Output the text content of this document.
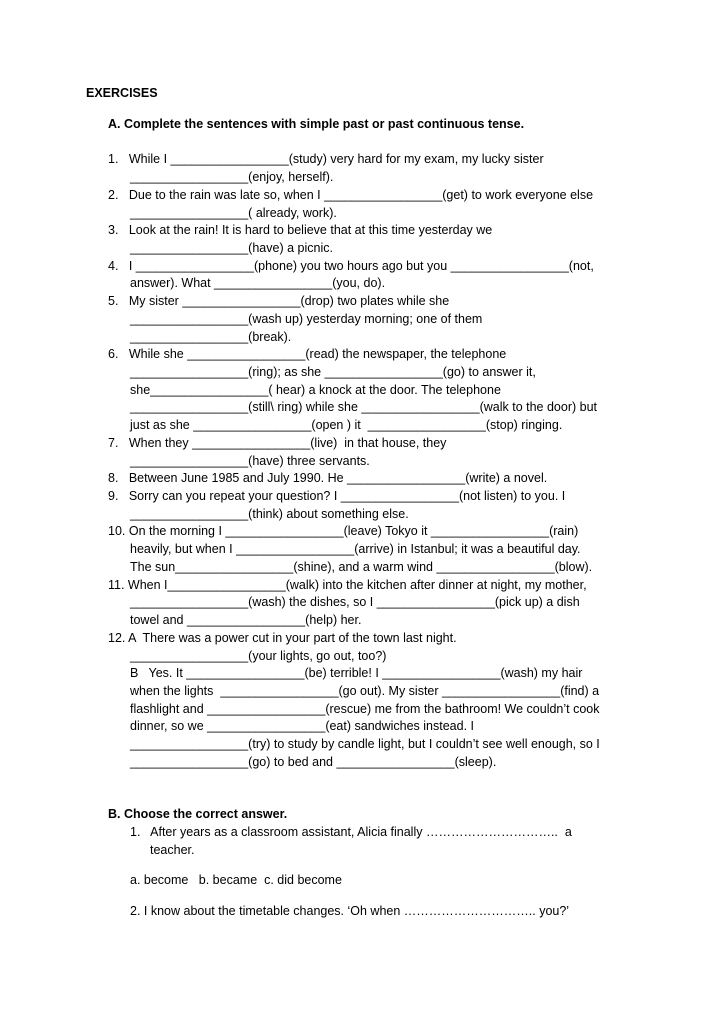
EXERCISES
A. Complete the sentences with simple past or past continuous tense.
1.   While I _________________(study) very hard for my exam, my lucky sister
_________________(enjoy, herself).
2.   Due to the rain was late so, when I _________________(get) to work everyone else
_________________( already, work).
3.   Look at the rain! It is hard to believe that at this time yesterday we
_________________(have) a picnic.
4.   I _________________(phone) you two hours ago but you _________________(not,
answer). What _________________(you, do).
5.   My sister _________________(drop) two plates while she
_________________(wash up) yesterday morning; one of them
_________________(break).
6.   While she _________________(read) the newspaper, the telephone
_________________(ring); as she _________________(go) to answer it,
she_________________( hear) a knock at the door. The telephone
_________________(still\ ring) while she _________________(walk to the door) but
just as she _________________(open ) it  _________________(stop) ringing.
7.   When they _________________(live)  in that house, they
_________________(have) three servants.
8.   Between June 1985 and July 1990. He _________________(write) a novel.
9.   Sorry can you repeat your question? I _________________(not listen) to you. I
_________________(think) about something else.
10. On the morning I _________________(leave) Tokyo it _________________(rain)
heavily, but when I _________________(arrive) in Istanbul; it was a beautiful day.
The sun_________________(shine), and a warm wind _________________(blow).
11. When I_________________(walk) into the kitchen after dinner at night, my mother,
_________________(wash) the dishes, so I _________________(pick up) a dish
towel and _________________(help) her.
12. A  There was a power cut in your part of the town last night.
_________________(your lights, go out, too?)
B   Yes. It _________________(be) terrible! I _________________(wash) my hair
when the lights  _________________(go out). My sister _________________(find) a
flashlight and _________________(rescue) me from the bathroom! We couldn’t cook
dinner, so we _________________(eat) sandwiches instead. I
_________________(try) to study by candle light, but I couldn’t see well enough, so I
_________________(go) to bed and _________________(sleep).
B. Choose the correct answer.
1.   After years as a classroom assistant, Alicia finally …………………………..  a
teacher.
a. become   b. became  c. did become
2. I know about the timetable changes. ‘Oh when ………………………….. you?’
